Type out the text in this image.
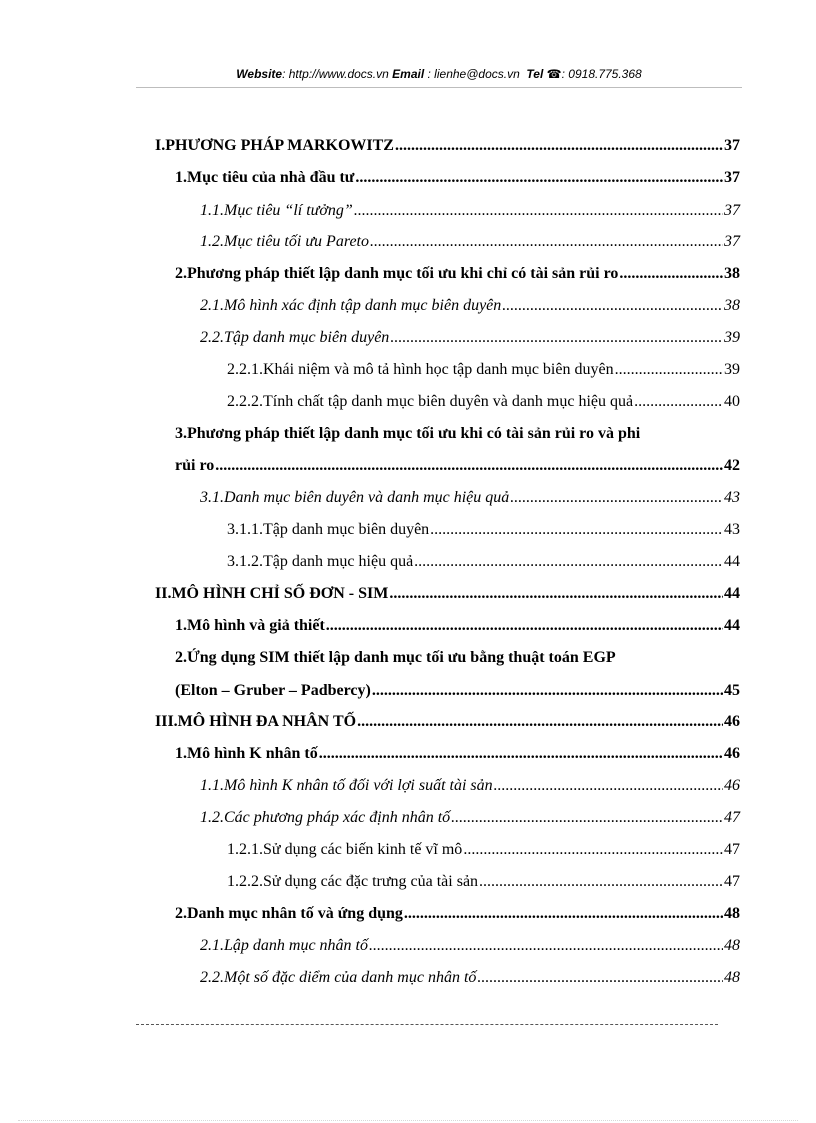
Website: http://www.docs.vn Email : lienhe@docs.vn Tel ☎: 0918.775.368
I.PHƯƠNG PHÁP MARKOWITZ .....	37
1.Mục tiêu của nhà đầu tư .....	37
1.1.Mục tiêu “lí tưởng” .....	37
1.2.Mục tiêu tối ưu Pareto .....	37
2.Phương pháp thiết lập danh mục tối ưu khi chỉ có tài sản rủi ro .....	38
2.1.Mô hình xác định tập danh mục biên duyên .....	38
2.2.Tập danh mục biên duyên .....	39
2.2.1.Khái niệm và mô tả hình học tập danh mục biên duyên .....	39
2.2.2.Tính chất tập danh mục biên duyên và danh mục hiệu quả .....	40
3.Phương pháp thiết lập danh mục tối ưu khi có tài sản rủi ro và phi
rủi ro .....	42
3.1.Danh mục biên duyên và danh mục hiệu quả .....	43
3.1.1.Tập danh mục biên duyên .....	43
3.1.2.Tập danh mục hiệu quả .....	44
II.MÔ HÌNH CHỈ SỐ ĐƠN - SIM .....	44
1.Mô hình và giả thiết .....	44
2.Ứng dụng SIM thiết lập danh mục tối ưu bằng thuật toán EGP
(Elton – Gruber – Padbercy) .....	45
III.MÔ HÌNH ĐA NHÂN TỐ .....	46
1.Mô hình K nhân tố .....	46
1.1.Mô hình K nhân tố đối với lợi suất tài sản .....	46
1.2.Các phương pháp xác định nhân tố .....	47
1.2.1.Sử dụng các biến kinh tế vĩ mô .....	47
1.2.2.Sử dụng các đặc trưng của tài sản .....	47
2.Danh mục nhân tố và ứng dụng .....	48
2.1.Lập danh mục nhân tố .....	48
2.2.Một số đặc diểm của danh mục nhân tố .....	48
